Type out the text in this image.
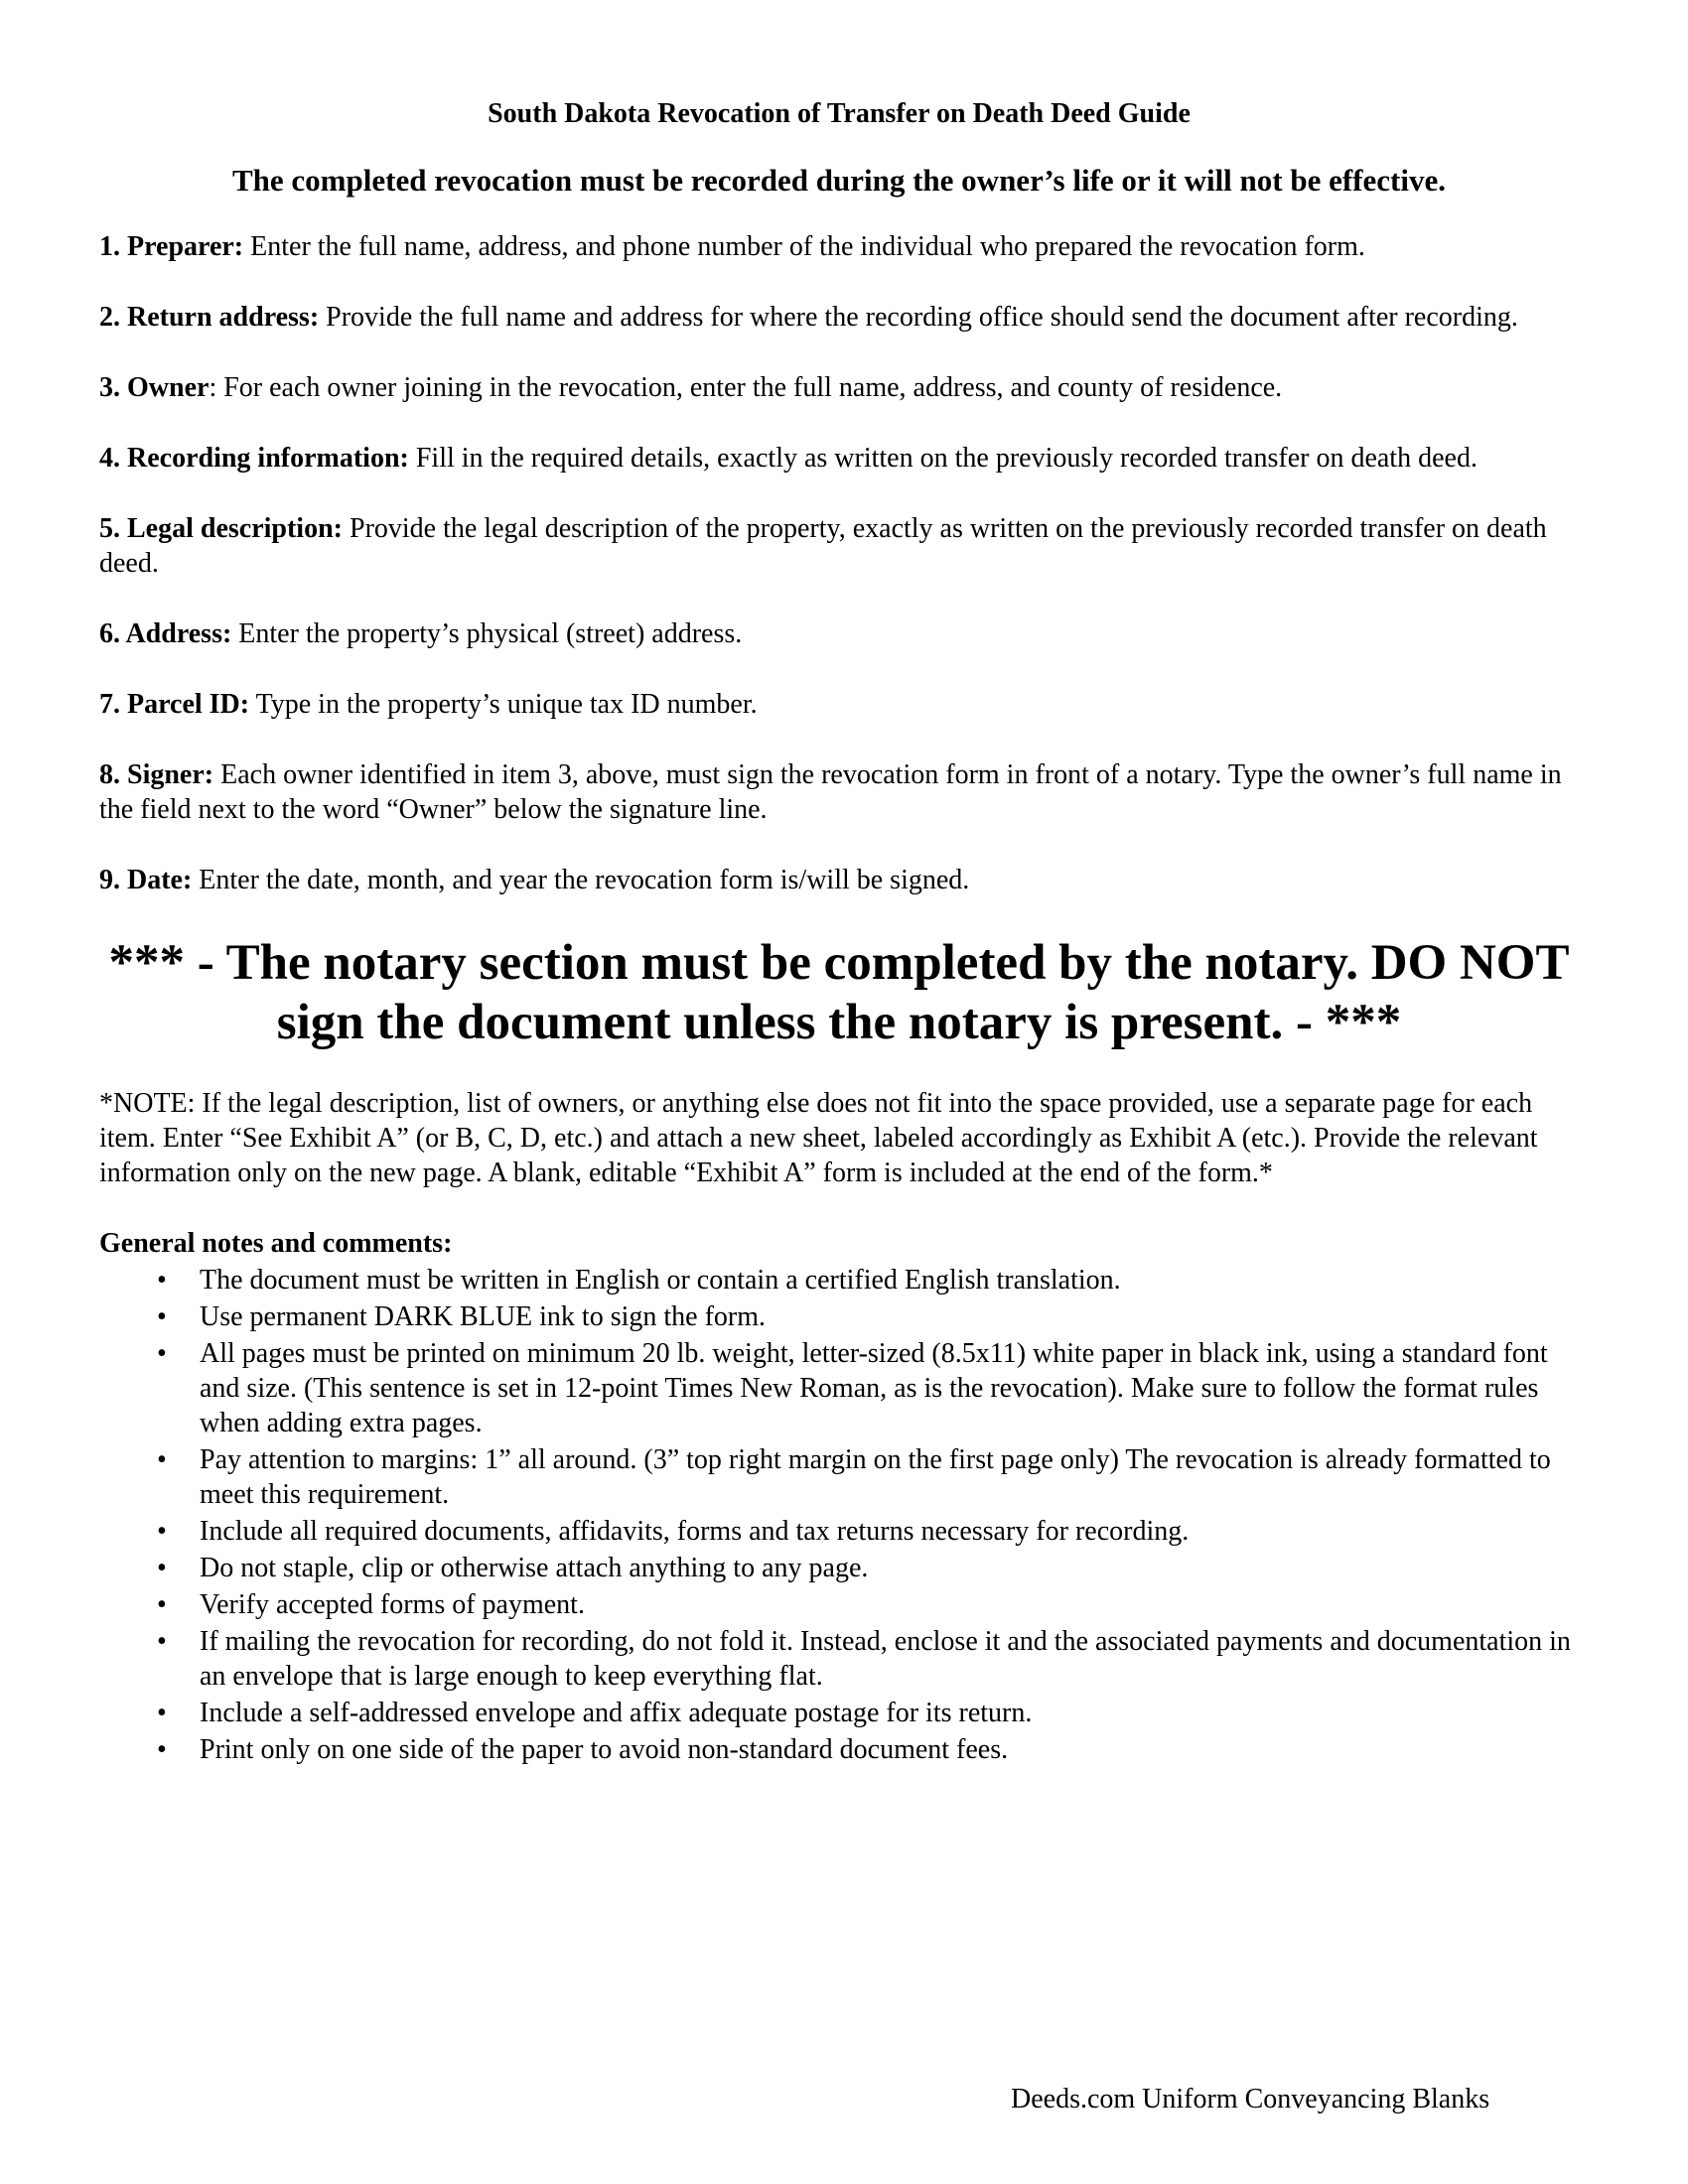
South Dakota Revocation of Transfer on Death Deed Guide

The completed revocation must be recorded during the owner’s life or it will not be effective.

1. Preparer: Enter the full name, address, and phone number of the individual who prepared the revocation form.

2. Return address: Provide the full name and address for where the recording office should send the document after recording.

3. Owner: For each owner joining in the revocation, enter the full name, address, and county of residence.

4. Recording information: Fill in the required details, exactly as written on the previously recorded transfer on death deed.

5. Legal description: Provide the legal description of the property, exactly as written on the previously recorded transfer on death deed.

6. Address: Enter the property’s physical (street) address.

7. Parcel ID: Type in the property’s unique tax ID number.

8. Signer: Each owner identified in item 3, above, must sign the revocation form in front of a notary. Type the owner’s full name in the field next to the word “Owner” below the signature line.

9. Date: Enter the date, month, and year the revocation form is/will be signed.

*** - The notary section must be completed by the notary. DO NOT sign the document unless the notary is present. - ***

*NOTE: If the legal description, list of owners, or anything else does not fit into the space provided, use a separate page for each item. Enter “See Exhibit A” (or B, C, D, etc.) and attach a new sheet, labeled accordingly as Exhibit A (etc.). Provide the relevant information only on the new page. A blank, editable “Exhibit A” form is included at the end of the form.*

General notes and comments:

• The document must be written in English or contain a certified English translation.
• Use permanent DARK BLUE ink to sign the form.
• All pages must be printed on minimum 20 lb. weight, letter-sized (8.5x11) white paper in black ink, using a standard font and size. (This sentence is set in 12-point Times New Roman, as is the revocation). Make sure to follow the format rules when adding extra pages.
• Pay attention to margins: 1” all around. (3” top right margin on the first page only) The revocation is already formatted to meet this requirement.
• Include all required documents, affidavits, forms and tax returns necessary for recording.
• Do not staple, clip or otherwise attach anything to any page.
• Verify accepted forms of payment.
• If mailing the revocation for recording, do not fold it. Instead, enclose it and the associated payments and documentation in an envelope that is large enough to keep everything flat.
• Include a self-addressed envelope and affix adequate postage for its return.
• Print only on one side of the paper to avoid non-standard document fees.
Deeds.com Uniform Conveyancing Blanks
